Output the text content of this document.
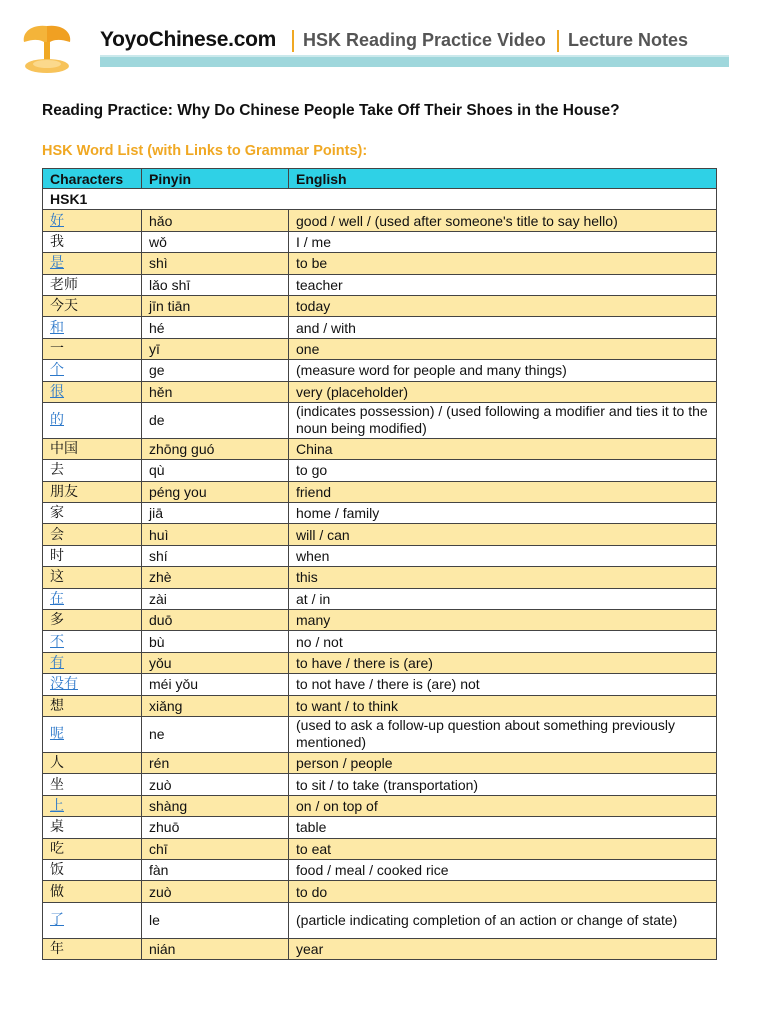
YoyoChinese.com HSK Reading Practice Video Lecture Notes
Reading Practice: Why Do Chinese People Take Off Their Shoes in the House?
HSK Word List (with Links to Grammar Points):
Characters	Pinyin	English
HSK1		
好	hǎo	good / well / (used after someone's title to say hello)
我	wǒ	I / me
是	shì	to be
老师	lǎo shī	teacher
今天	jīn tiān	today
和	hé	and / with
一	yī	one
个	ge	(measure word for people and many things)
很	hěn	very (placeholder)
的	de	(indicates possession) / (used following a modifier and ties it to the noun being modified)
中国	zhōng guó	China
去	qù	to go
朋友	péng you	friend
家	jiā	home / family
会	huì	will / can
时	shí	when
这	zhè	this
在	zài	at / in
多	duō	many
不	bù	no / not
有	yǒu	to have / there is (are)
没有	méi yǒu	to not have / there is (are) not
想	xiǎng	to want / to think
呢	ne	(used to ask a follow-up question about something previously mentioned)
人	rén	person / people
坐	zuò	to sit / to take (transportation)
上	shàng	on / on top of
桌	zhuō	table
吃	chī	to eat
饭	fàn	food / meal / cooked rice
做	zuò	to do
了	le	(particle indicating completion of an action or change of state)
年	nián	year
